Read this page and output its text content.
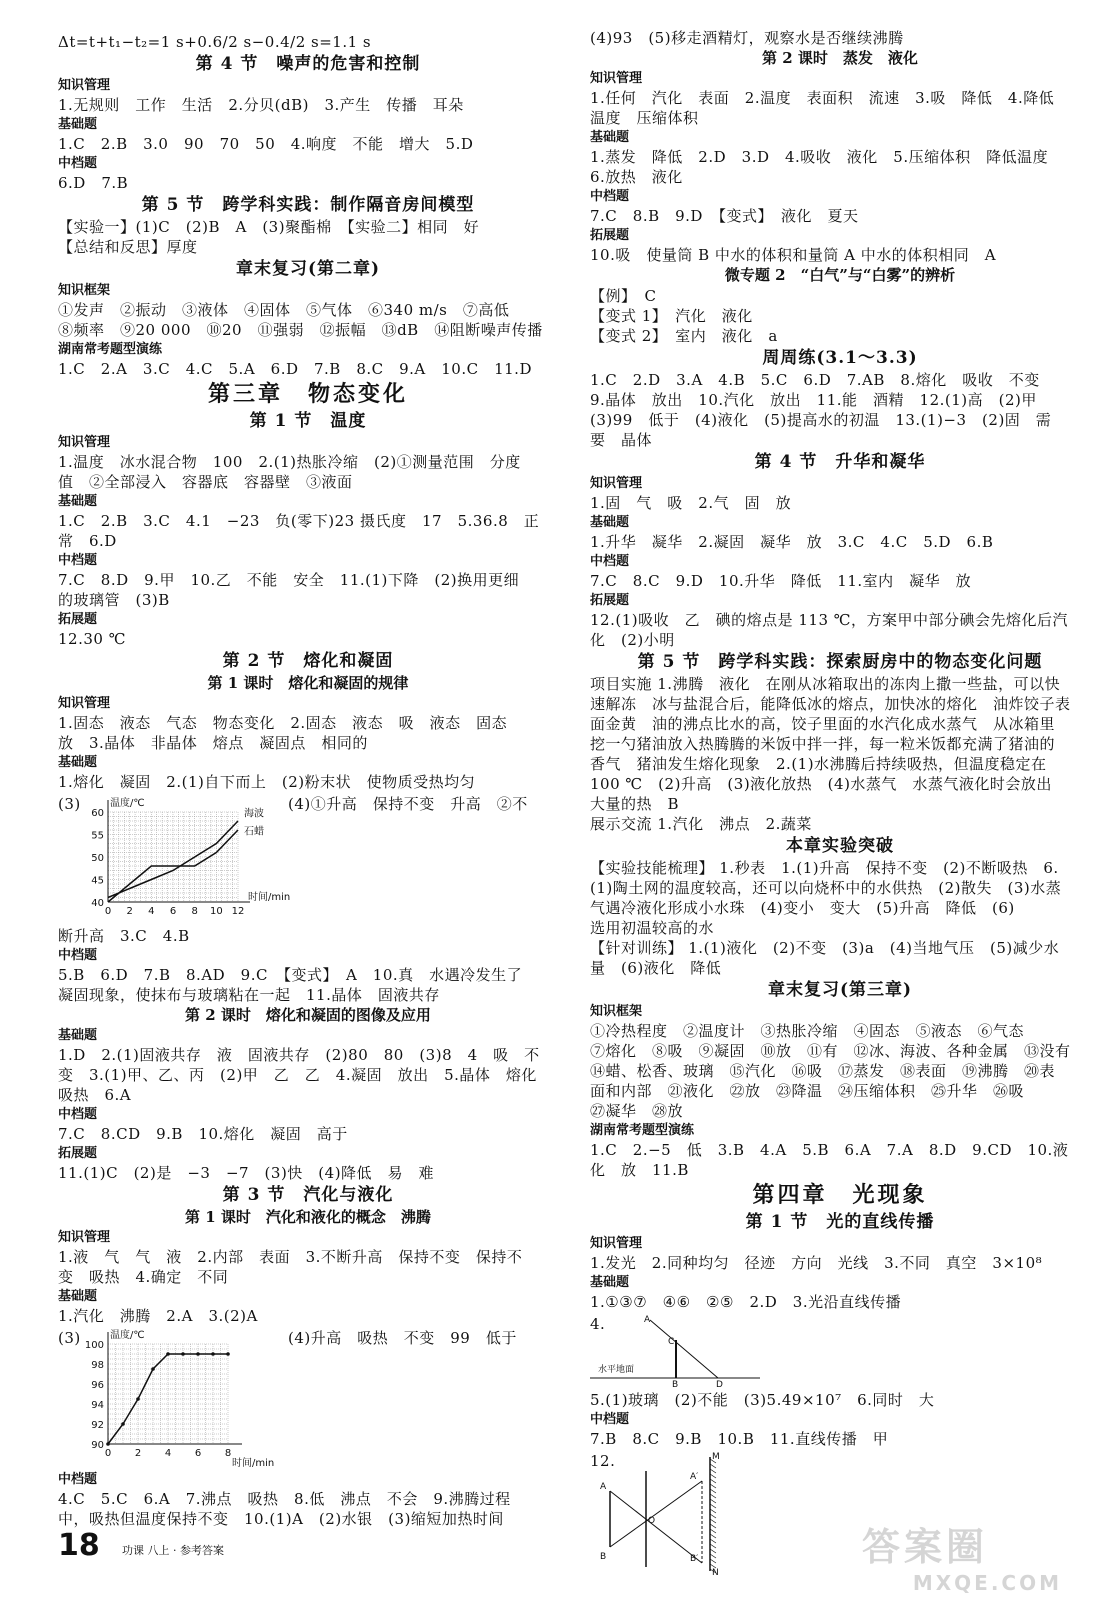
Δt=t+t₁−t₂=1 s+0.6/2 s−0.4/2 s=1.1 s
第 4 节　噪声的危害和控制
知识管理
1.无规则　工作　生活　2.分贝(dB)　3.产生　传播　耳朵
基础题
1.C　2.B　3.0　90　70　50　4.响度　不能　增大　5.D
中档题
6.D　7.B
第 5 节　跨学科实践：制作隔音房间模型
【实验一】(1)C　(2)B　A　(3)聚酯棉　【实验二】相同　好
【总结和反思】厚度
章末复习(第二章)
知识框架
①发声　②振动　③液体　④固体　⑤气体　⑥340 m/s　⑦高低
⑧频率　⑨20 000　⑩20　⑪强弱　⑫振幅　⑬dB　⑭阻断噪声传播
湖南常考题型演练
1.C　2.A　3.C　4.C　5.A　6.D　7.B　8.C　9.A　10.C　11.D
第三章　物态变化
第 1 节　温度
知识管理
1.温度　冰水混合物　100　2.(1)热胀冷缩　(2)①测量范围　分度
值　②全部浸入　容器底　容器壁　③液面
基础题
1.C　2.B　3.C　4.1　−23　负(零下)23 摄氏度　17　5.36.8　正
常　6.D
中档题
7.C　8.D　9.甲　10.乙　不能　安全　11.(1)下降　(2)换用更细
的玻璃管　(3)B
拓展题
12.30 ℃
第 2 节　熔化和凝固
第 1 课时　熔化和凝固的规律
知识管理
1.固态　液态　气态　物态变化　2.固态　液态　吸　液态　固态
放　3.晶体　非晶体　熔点　凝固点　相同的
基础题
1.熔化　凝固　2.(1)自下而上　(2)粉末状　使物质受热均匀
(3)	(4)①升高　保持不变　升高　②不
温度/℃
时间/min
60
55
50
45
40
0 2 4 6 8 10 12
海波
石蜡
断升高　3.C　4.B
中档题
5.B　6.D　7.B　8.AD　9.C　【变式】　A　10.真　水遇冷发生了
凝固现象，使抹布与玻璃粘在一起　11.晶体　固液共存
第 2 课时　熔化和凝固的图像及应用
基础题
1.D　2.(1)固液共存　液　固液共存　(2)80　80　(3)8　4　吸　不
变　3.(1)甲、乙、丙　(2)甲　乙　乙　4.凝固　放出　5.晶体　熔化
吸热　6.A
中档题
7.C　8.CD　9.B　10.熔化　凝固　高于
拓展题
11.(1)C　(2)是　−3　−7　(3)快　(4)降低　易　难
第 3 节　汽化与液化
第 1 课时　汽化和液化的概念　沸腾
知识管理
1.液　气　气　液　2.内部　表面　3.不断升高　保持不变　保持不
变　吸热　4.确定　不同
基础题
1.汽化　沸腾　2.A　3.(2)A
(3)	(4)升高　吸热　不变　99　低于
温度/℃
时间/min
100
98
96
94
92
90
0 2 4 6 8
中档题
4.C　5.C　6.A　7.沸点　吸热　8.低　沸点　不会　9.沸腾过程
中，吸热但温度保持不变　10.(1)A　(2)水银　(3)缩短加热时间
(4)93　(5)移走酒精灯，观察水是否继续沸腾
第 2 课时　蒸发　液化
知识管理
1.任何　汽化　表面　2.温度　表面积　流速　3.吸　降低　4.降低
温度　压缩体积
基础题
1.蒸发　降低　2.D　3.D　4.吸收　液化　5.压缩体积　降低温度
6.放热　液化
中档题
7.C　8.B　9.D　【变式】　液化　夏天
拓展题
10.吸　使量筒 B 中水的体积和量筒 A 中水的体积相同　A
微专题 2　“白气”与“白雾”的辨析
【例】　C
【变式 1】　汽化　液化
【变式 2】　室内　液化　a
周周练(3.1～3.3)
1.C　2.D　3.A　4.B　5.C　6.D　7.AB　8.熔化　吸收　不变
9.晶体　放出　10.汽化　放出　11.能　酒精　12.(1)高　(2)甲
(3)99　低于　(4)液化　(5)提高水的初温　13.(1)−3　(2)固　需
要　晶体
第 4 节　升华和凝华
知识管理
1.固　气　吸　2.气　固　放
基础题
1.升华　凝华　2.凝固　凝华　放　3.C　4.C　5.D　6.B
中档题
7.C　8.C　9.D　10.升华　降低　11.室内　凝华　放
拓展题
12.(1)吸收　乙　碘的熔点是 113 ℃，方案甲中部分碘会先熔化后汽
化　(2)小明
第 5 节　跨学科实践：探索厨房中的物态变化问题
项目实施 1.沸腾　液化　在刚从冰箱取出的冻肉上撒一些盐，可以快
速解冻　冰与盐混合后，能降低冰的熔点，加快冰的熔化　油炸饺子表
面金黄　油的沸点比水的高，饺子里面的水汽化成水蒸气　从冰箱里
挖一勺猪油放入热腾腾的米饭中拌一拌，每一粒米饭都充满了猪油的
香气　猪油发生熔化现象　2.(1)水沸腾后持续吸热，但温度稳定在
100 ℃　(2)升高　(3)液化放热　(4)水蒸气　水蒸气液化时会放出
大量的热　B
展示交流 1.汽化　沸点　2.蔬菜
本章实验突破
【实验技能梳理】 1.秒表　1.(1)升高　保持不变　(2)不断吸热　6.
(1)陶土网的温度较高，还可以向烧杯中的水供热　(2)散失　(3)水蒸
气遇冷液化形成小水珠　(4)变小　变大　(5)升高　降低　(6)
选用初温较高的水
【针对训练】 1.(1)液化　(2)不变　(3)a　(4)当地气压　(5)减少水
量　(6)液化　降低
章末复习(第三章)
知识框架
①冷热程度　②温度计　③热胀冷缩　④固态　⑤液态　⑥气态
⑦熔化　⑧吸　⑨凝固　⑩放　⑪有　⑫冰、海波、各种金属　⑬没有
⑭蜡、松香、玻璃　⑮汽化　⑯吸　⑰蒸发　⑱表面　⑲沸腾　⑳表
面和内部　㉑液化　㉒放　㉓降温　㉔压缩体积　㉕升华　㉖吸
㉗凝华　㉘放
湖南常考题型演练
1.C　2.−5　低　3.B　4.A　5.B　6.A　7.A　8.D　9.CD　10.液
化　放　11.B
第四章　光现象
第 1 节　光的直线传播
知识管理
1.发光　2.同种均匀　径迹　方向　光线　3.不同　真空　3×10⁸
基础题
1.①③⑦　④⑥　②⑤　2.D　3.光沿直线传播
4.
水平地面
A
C
B	D
5.(1)玻璃　(2)不能　(3)5.49×10⁷　6.同时　大
中档题
7.B　8.C　9.B　10.B　11.直线传播　甲
12.
A
B
O
A′
B′
M
N
18 功课 八上 · 参考答案	答案圈
MXQE.COM
